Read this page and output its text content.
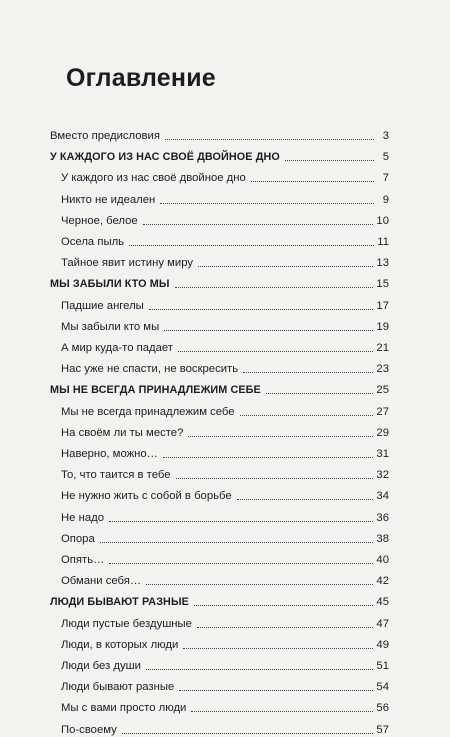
Оглавление
Вместо предисловия	3
У КАЖДОГО ИЗ НАС СВОЁ ДВОЙНОЕ ДНО	5
У каждого из нас своё двойное дно	7
Никто не идеален	9
Черное, белое	10
Осела пыль	11
Тайное явит истину миру	13
МЫ ЗАБЫЛИ КТО МЫ	15
Падшие ангелы	17
Мы забыли кто мы	19
А мир куда-то падает	21
Нас уже не спасти, не воскресить	23
МЫ НЕ ВСЕГДА ПРИНАДЛЕЖИМ СЕБЕ	25
Мы не всегда принадлежим себе	27
На своём ли ты месте?	29
Наверно, можно…	31
То, что таится в тебе	32
Не нужно жить с собой в борьбе	34
Не надо	36
Опора	38
Опять…	40
Обмани себя…	42
ЛЮДИ БЫВАЮТ РАЗНЫЕ	45
Люди пустые бездушные	47
Люди, в которых люди	49
Люди без души	51
Люди бывают разные	54
Мы с вами просто люди	56
По-своему	57
